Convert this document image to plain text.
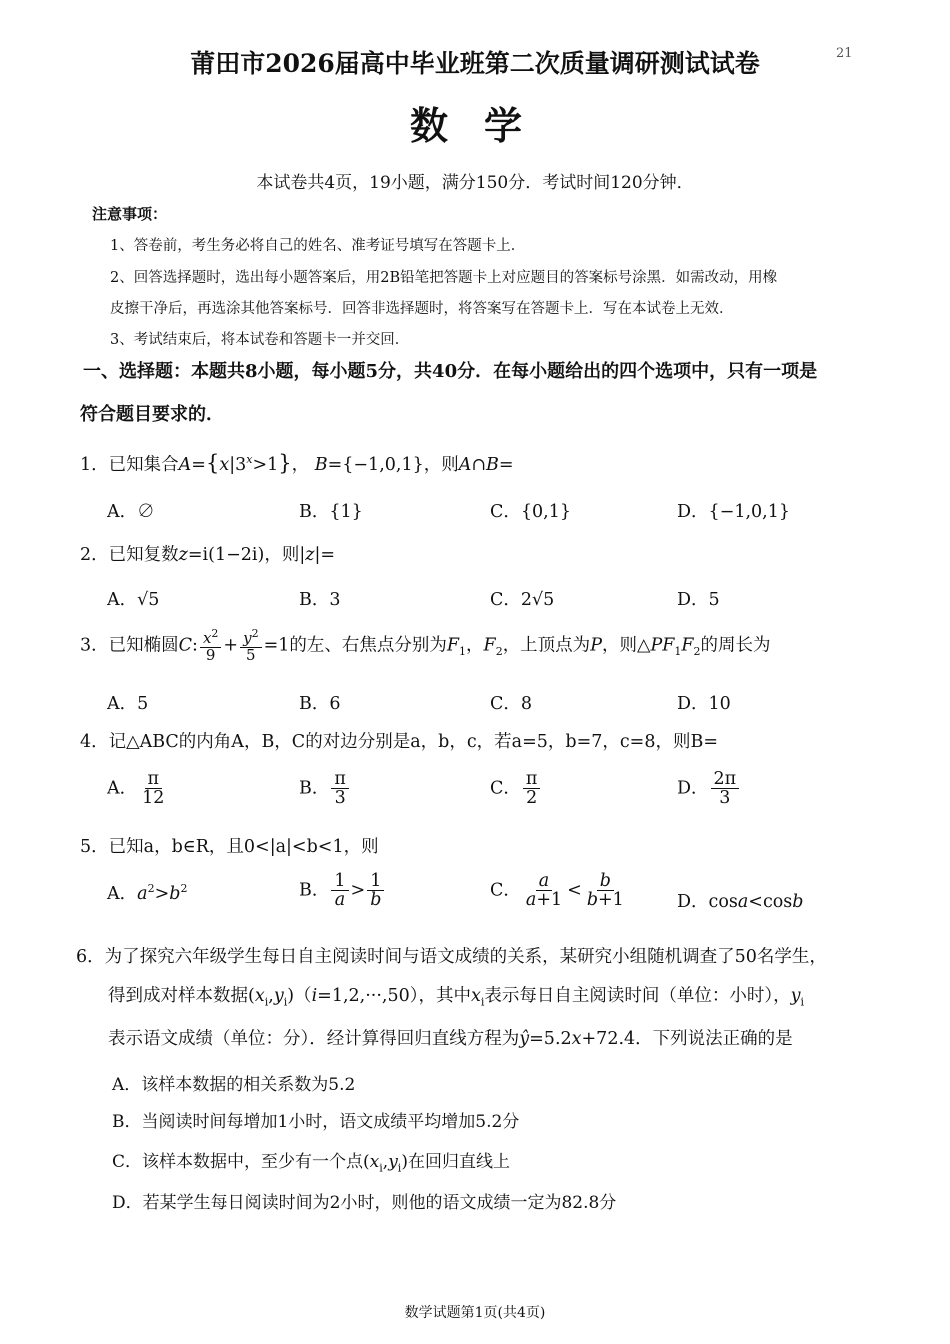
21
莆田市2026届高中毕业班第二次质量调研测试试卷
数学
本试卷共4页，19小题，满分150分．考试时间120分钟．
注意事项：
1、答卷前，考生务必将自己的姓名、准考证号填写在答题卡上．
2、回答选择题时，选出每小题答案后，用2B铅笔把答题卡上对应题目的答案标号涂黑．如需改动，用橡
皮擦干净后，再选涂其他答案标号．回答非选择题时，将答案写在答题卡上．写在本试卷上无效．
3、考试结束后，将本试卷和答题卡一并交回．
一、选择题：本题共8小题，每小题5分，共40分．在每小题给出的四个选项中，只有一项是
符合题目要求的．
1．已知集合$A=\{x|3^x>1\}$， B={−1,0,1}，则A∩B=
A．∅	B．{1}	C．{0,1}	D．{−1,0,1}
2．已知复数z=i(1−2i)，则|z|=
A．√5	B．3	C．2√5	D．5
3．已知椭圆C: $\frac{x^2}{9} + \frac{y^2}{5} =1$的左、右焦点分别为$F_1$，$F_2$，上顶点为P，则$\triangle PF_1F_2$的周长为
A．5	B．6	C．8	D．10
4．记△ABC的内角A，B，C的对边分别是a，b，c，若a=5，b=7，c=8，则B=
A． $\frac{\pi}{12}$	B． $\frac{\pi}{3}$	C． $\frac{\pi}{2}$	D． $\frac{2\pi}{3}$
5．已知a，b∈R，且0<|a|<b<1，则
A．$a^2>b^2$	B． $\frac{1}{a} > \frac{1}{b}$	C． $\frac{a}{a+1} < \frac{b}{b+1}$	D．cosa<cosb
6．为了探究六年级学生每日自主阅读时间与语文成绩的关系，某研究小组随机调查了50名学生，
得到成对样本数据$(x_i,y_i)(i=1,2,\cdot\cdot\cdot,50)$，其中$x_i$表示每日自主阅读时间（单位：小时），$y_i$
表示语文成绩（单位：分）．经计算得回归直线方程为ŷ=5.2x+72.4．下列说法正确的是
A．该样本数据的相关系数为5.2
B．当阅读时间每增加1小时，语文成绩平均增加5.2分
C．该样本数据中，至少有一个点$(x_i,y_i)$在回归直线上
D．若某学生每日阅读时间为2小时，则他的语文成绩一定为82.8分
数学试题第1页(共4页)
